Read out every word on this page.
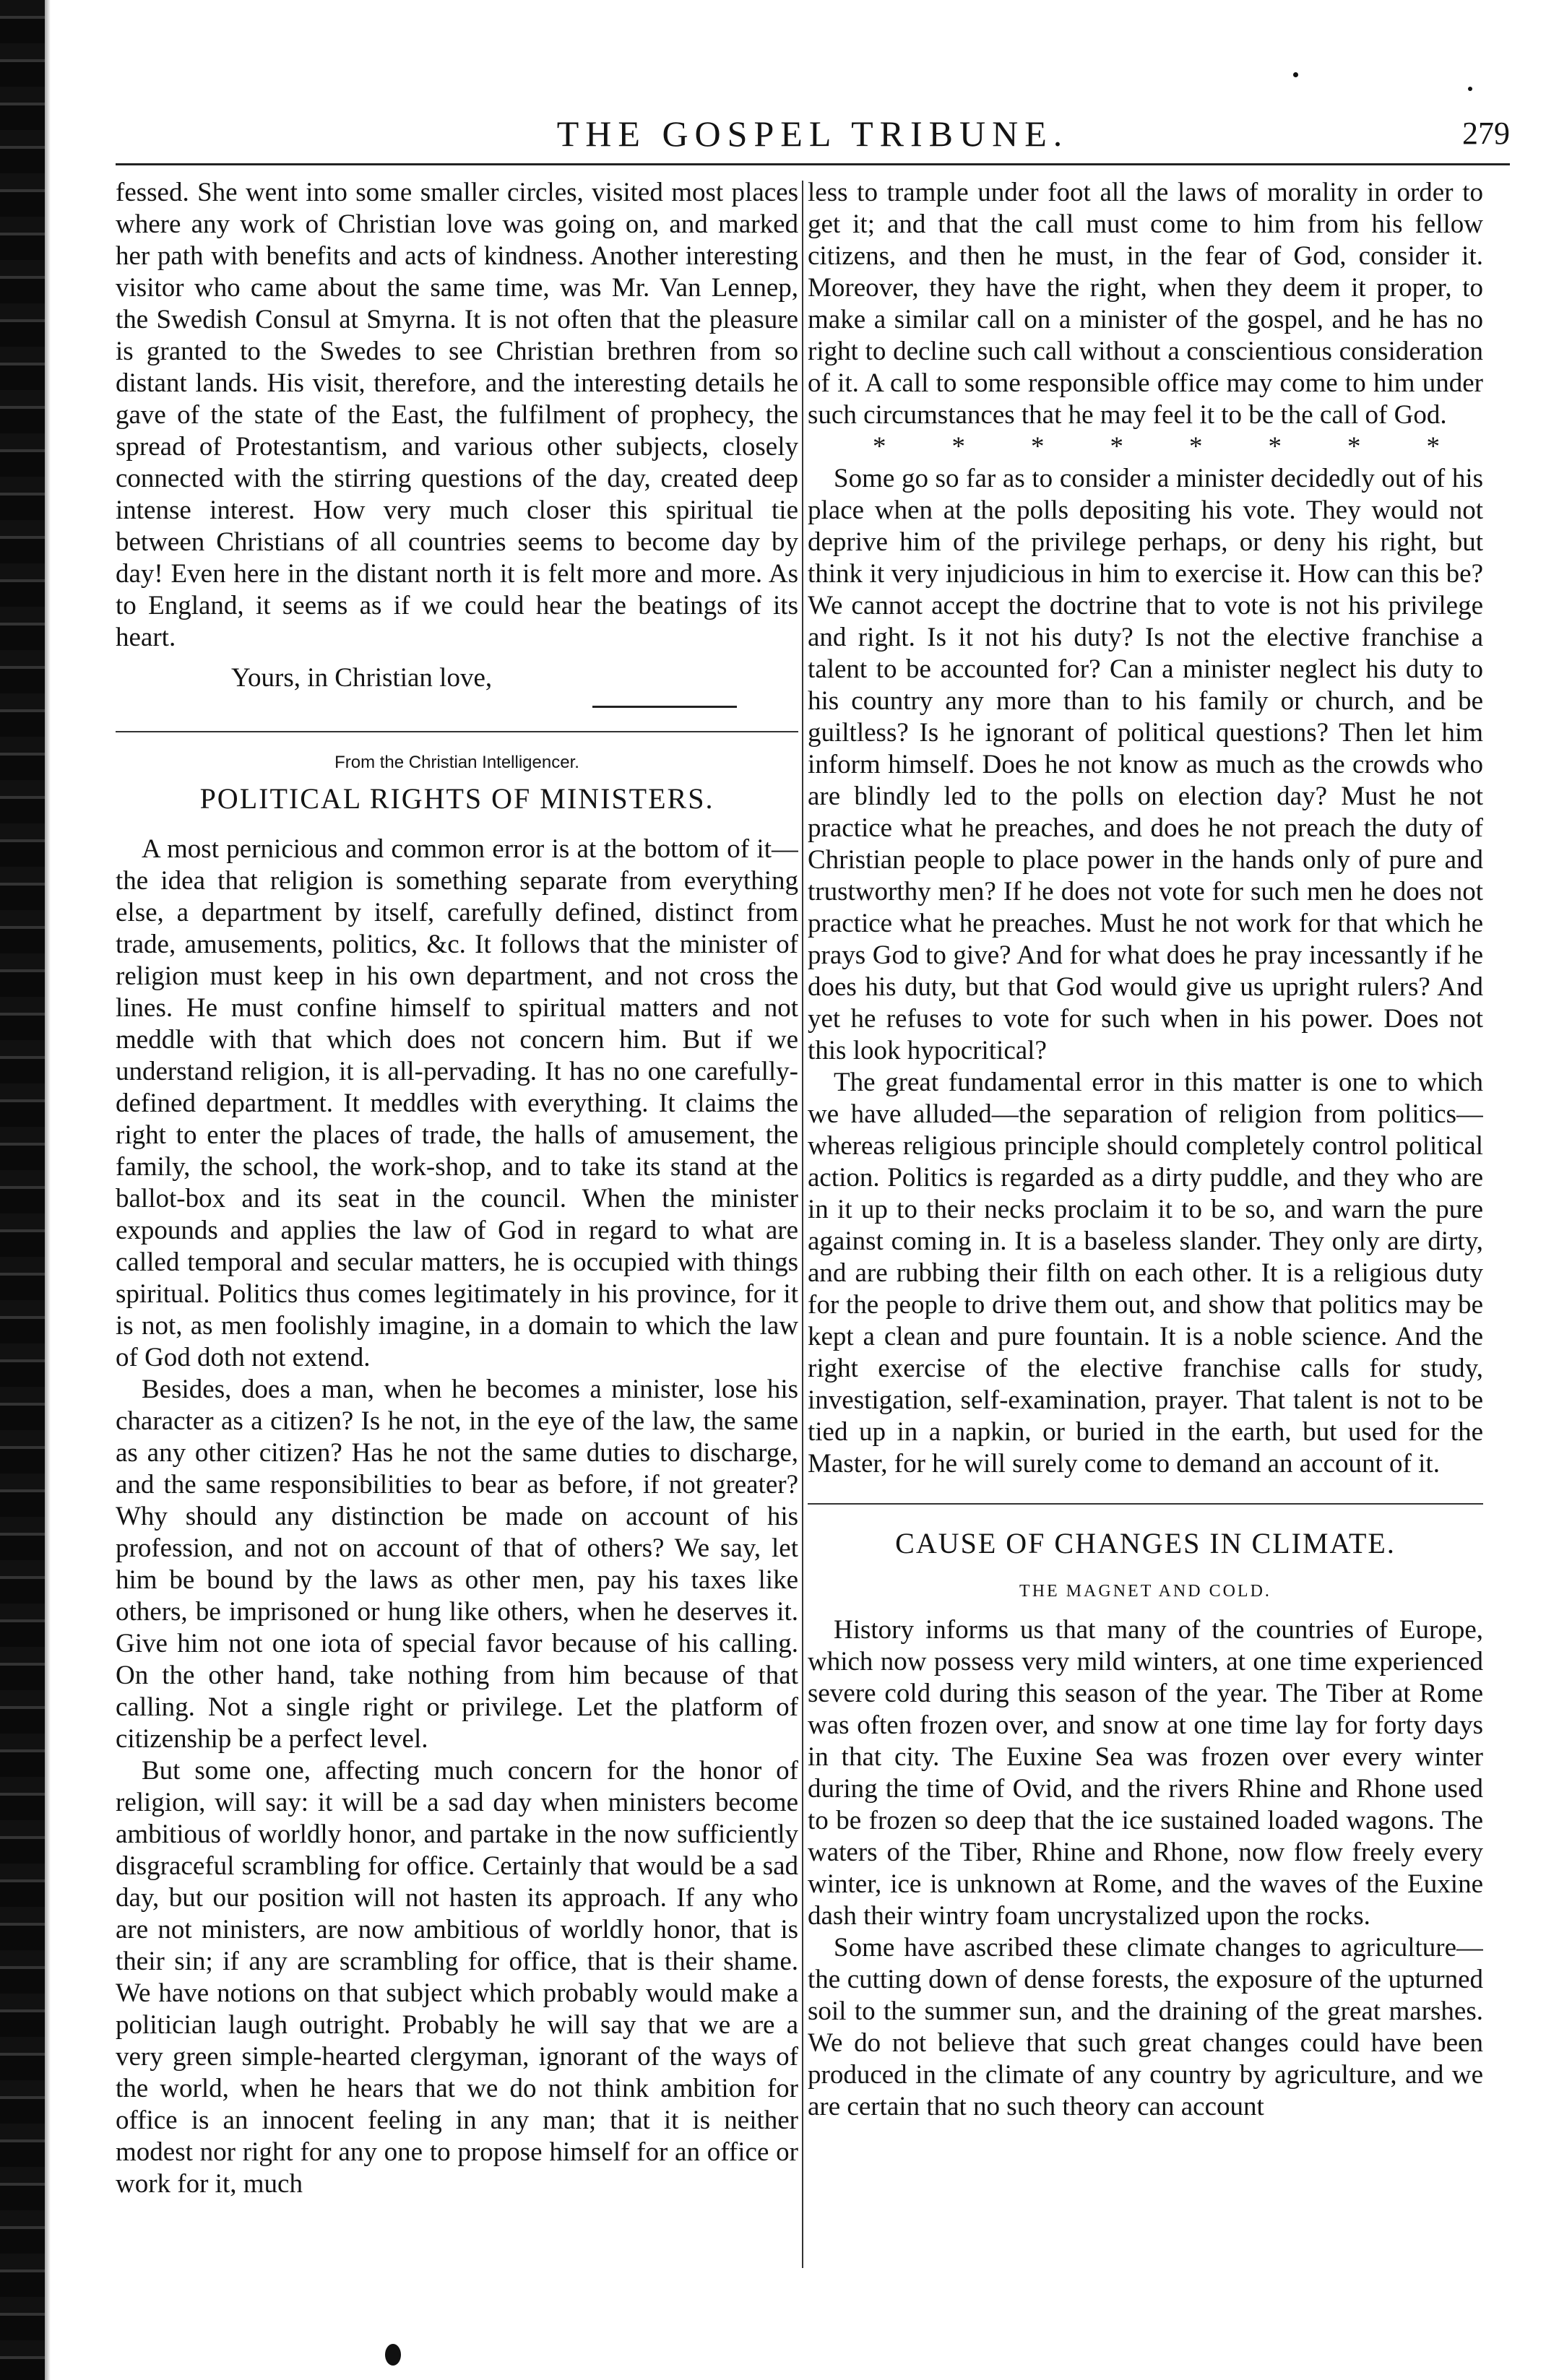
THE GOSPEL TRIBUNE.	279

fessed. She went into some smaller circles, visited most places where any work of Christian love was going on, and marked her path with benefits and acts of kindness. Another interesting visitor who came about the same time, was Mr. Van Lennep, the Swedish Consul at Smyrna. It is not often that the pleasure is granted to the Swedes to see Christian brethren from so distant lands. His visit, therefore, and the interesting details he gave of the state of the East, the fulfilment of prophecy, the spread of Protestantism, and various other subjects, closely connected with the stirring questions of the day, created deep intense interest. How very much closer this spiritual tie between Christians of all countries seems to become day by day! Even here in the distant north it is felt more and more. As to England, it seems as if we could hear the beatings of its heart.

Yours, in Christian love,
From the Christian Intelligencer.
POLITICAL RIGHTS OF MINISTERS.

A most pernicious and common error is at the bottom of it—the idea that religion is something separate from everything else, a department by itself, carefully defined, distinct from trade, amusements, politics, &c. It follows that the minister of religion must keep in his own department, and not cross the lines. He must confine himself to spiritual matters and not meddle with that which does not concern him. But if we understand religion, it is all-pervading. It has no one carefully-defined department. It meddles with everything. It claims the right to enter the places of trade, the halls of amusement, the family, the school, the work-shop, and to take its stand at the ballot-box and its seat in the council. When the minister expounds and applies the law of God in regard to what are called temporal and secular matters, he is occupied with things spiritual. Politics thus comes legitimately in his province, for it is not, as men foolishly imagine, in a domain to which the law of God doth not extend.

Besides, does a man, when he becomes a minister, lose his character as a citizen? Is he not, in the eye of the law, the same as any other citizen? Has he not the same duties to discharge, and the same responsibilities to bear as before, if not greater? Why should any distinction be made on account of his profession, and not on account of that of others? We say, let him be bound by the laws as other men, pay his taxes like others, be imprisoned or hung like others, when he deserves it. Give him not one iota of special favor because of his calling. On the other hand, take nothing from him because of that calling. Not a single right or privilege. Let the platform of citizenship be a perfect level.

But some one, affecting much concern for the honor of religion, will say: it will be a sad day when ministers become ambitious of worldly honor, and partake in the now sufficiently disgraceful scrambling for office. Certainly that would be a sad day, but our position will not hasten its approach. If any who are not ministers, are now ambitious of worldly honor, that is their sin; if any are scrambling for office, that is their shame. We have notions on that subject which probably would make a politician laugh outright. Probably he will say that we are a very green simple-hearted clergyman, ignorant of the ways of the world, when he hears that we do not think ambition for office is an innocent feeling in any man; that it is neither modest nor right for any one to propose himself for an office or work for it, much

less to trample under foot all the laws of morality in order to get it; and that the call must come to him from his fellow citizens, and then he must, in the fear of God, consider it. Moreover, they have the right, when they deem it proper, to make a similar call on a minister of the gospel, and he has no right to decline such call without a conscientious consideration of it. A call to some responsible office may come to him under such circumstances that he may feel it to be the call of God.

* * * * * * * *

Some go so far as to consider a minister decidedly out of his place when at the polls depositing his vote. They would not deprive him of the privilege perhaps, or deny his right, but think it very injudicious in him to exercise it. How can this be? We cannot accept the doctrine that to vote is not his privilege and right. Is it not his duty? Is not the elective franchise a talent to be accounted for? Can a minister neglect his duty to his country any more than to his family or church, and be guiltless? Is he ignorant of political questions? Then let him inform himself. Does he not know as much as the crowds who are blindly led to the polls on election day? Must he not practice what he preaches, and does he not preach the duty of Christian people to place power in the hands only of pure and trustworthy men? If he does not vote for such men he does not practice what he preaches. Must he not work for that which he prays God to give? And for what does he pray incessantly if he does his duty, but that God would give us upright rulers? And yet he refuses to vote for such when in his power. Does not this look hypocritical?

The great fundamental error in this matter is one to which we have alluded—the separation of religion from politics—whereas religious principle should completely control political action. Politics is regarded as a dirty puddle, and they who are in it up to their necks proclaim it to be so, and warn the pure against coming in. It is a baseless slander. They only are dirty, and are rubbing their filth on each other. It is a religious duty for the people to drive them out, and show that politics may be kept a clean and pure fountain. It is a noble science. And the right exercise of the elective franchise calls for study, investigation, self-examination, prayer. That talent is not to be tied up in a napkin, or buried in the earth, but used for the Master, for he will surely come to demand an account of it.

CAUSE OF CHANGES IN CLIMATE.
THE MAGNET AND COLD.

History informs us that many of the countries of Europe, which now possess very mild winters, at one time experienced severe cold during this season of the year. The Tiber at Rome was often frozen over, and snow at one time lay for forty days in that city. The Euxine Sea was frozen over every winter during the time of Ovid, and the rivers Rhine and Rhone used to be frozen so deep that the ice sustained loaded wagons. The waters of the Tiber, Rhine and Rhone, now flow freely every winter, ice is unknown at Rome, and the waves of the Euxine dash their wintry foam uncrystalized upon the rocks.

Some have ascribed these climate changes to agriculture—the cutting down of dense forests, the exposure of the upturned soil to the summer sun, and the draining of the great marshes. We do not believe that such great changes could have been produced in the climate of any country by agriculture, and we are certain that no such theory can account
